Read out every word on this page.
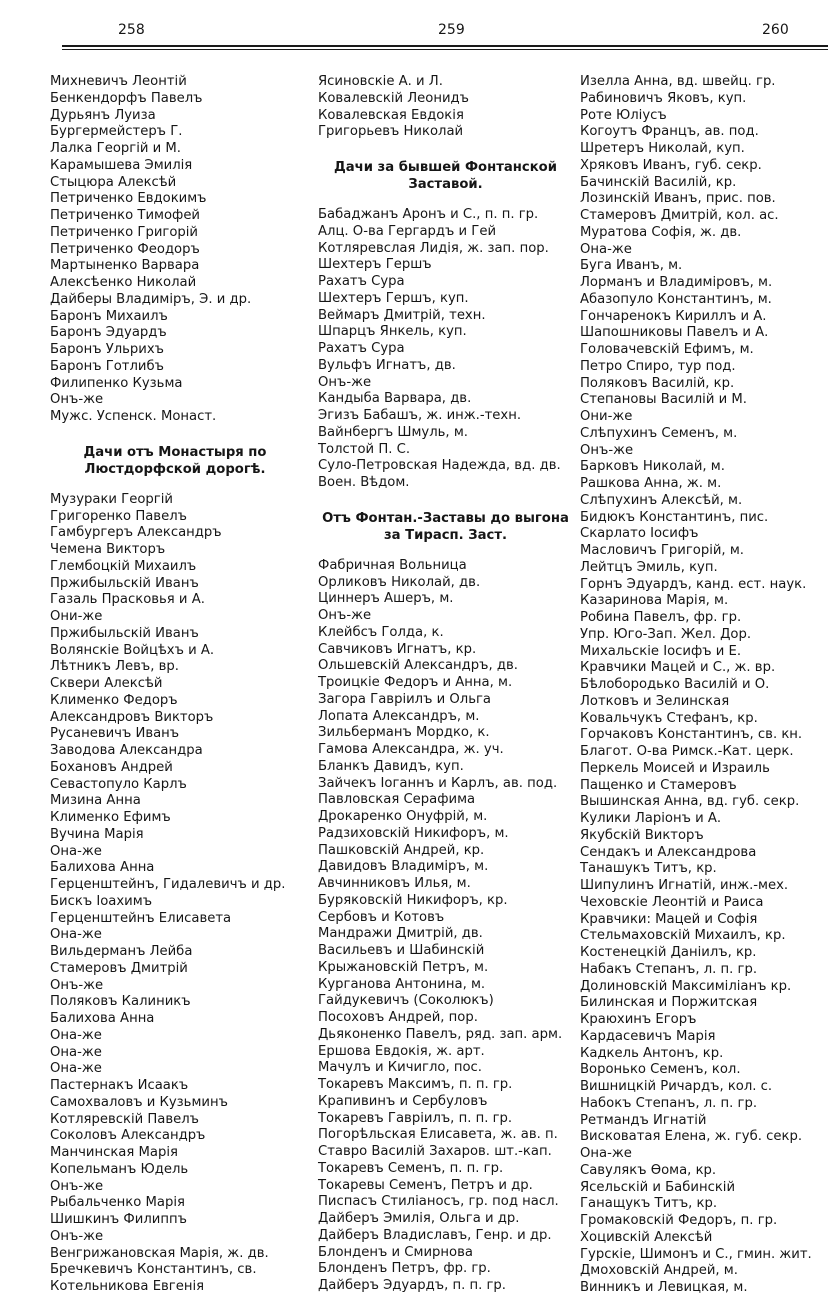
258	259	260
Михневичъ Леонтій
Бенкендорфъ Павелъ
Дурьянъ Луиза
Бургермейстеръ Г.
Лалка Георгій и М.
Карамышева Эмилія
Стыцюра Алексѣй
Петриченко Евдокимъ
Петриченко Тимофей
Петриченко Григорій
Петриченко Феодоръ
Мартыненко Варвара
Алексѣенко Николай
Дайберы Владиміръ, Э. и др.
Баронъ Михаилъ
Баронъ Эдуардъ
Баронъ Ульрихъ
Баронъ Готлибъ
Филипенко Кузьма
Онъ-же
Мужс. Успенск. Монаст.
Дачи отъ Монастыря по Люстдорфской дорогѣ.
Музураки Георгій
Григоренко Павелъ
Гамбургеръ Александръ
Чемена Викторъ
Глембоцкій Михаилъ
Пржибыльскій Иванъ
Газаль Прасковья и А.
Они-же
Пржибыльскій Иванъ
Волянскіе Войцѣхъ и А.
Лѣтникъ Левъ, вр.
Сквери Алексѣй
Клименко Федоръ
Александровъ Викторъ
Русаневичъ Иванъ
Заводова Александра
Бохановъ Андрей
Севастопуло Карлъ
Мизина Анна
Клименко Ефимъ
Вучина Марія
Она-же
Балихова Анна
Герценштейнъ, Гидалевичъ и др.
Бискъ Іоахимъ
Герценштейнъ Елисавета
Она-же
Вильдерманъ Лейба
Стамеровъ Дмитрій
Онъ-же
Поляковъ Калиникъ
Балихова Анна
Она-же
Она-же
Она-же
Пастернакъ Исаакъ
Самохваловъ и Кузьминъ
Котляревскій Павелъ
Соколовъ Александръ
Манчинская Марія
Копельманъ Юдель
Онъ-же
Рыбальченко Марія
Шишкинъ Филиппъ
Онъ-же
Венгрижановская Марія, ж. дв.
Бречкевичъ Константинъ, св.
Котельникова Евгенія
Ясиновскіе А. и Л.
Ковалевскій Леонидъ
Ковалевская Евдокія
Григорьевъ Николай
Дачи за бывшей Фонтанской Заставой.
Бабаджанъ Аронъ и С., п. п. гр.
Алц. О-ва Гергардъ и Гей
Котляревслая Лидія, ж. зап. пор.
Шехтеръ Гершъ
Рахатъ Сура
Шехтеръ Гершъ, куп.
Веймаръ Дмитрій, техн.
Шпарцъ Янкель, куп.
Рахатъ Сура
Вульфъ Игнатъ, дв.
Онъ-же
Кандыба Варвара, дв.
Эгизъ Бабашъ, ж. инж.-техн.
Вайнбергъ Шмуль, м.
Толстой П. С.
Суло-Петровская Надежда, вд. дв.
Воен. Вѣдом.
Отъ Фонтан.-Заставы до выгона за Тирасп. Заст.
Фабричная Вольница
Орликовъ Николай, дв.
Циннеръ Ашеръ, м.
Онъ-же
Клейбсъ Голда, к.
Савчиковъ Игнатъ, кр.
Ольшевскій Александръ, дв.
Троицкіе Федоръ и Анна, м.
Загора Гавріилъ и Ольга
Лопата Александръ, м.
Зильберманъ Мордко, к.
Гамова Александра, ж. уч.
Бланкъ Давидъ, куп.
Зайчекъ Іоганнъ и Карлъ, ав. под.
Павловская Серафима
Дрокаренко Онуфрій, м.
Радзиховскій Никифоръ, м.
Пашковскій Андрей, кр.
Давидовъ Владиміръ, м.
Авчинниковъ Илья, м.
Буряковскій Никифоръ, кр.
Сербовъ и Котовъ
Мандражи Дмитрій, дв.
Васильевъ и Шабинскій
Крыжановскій Петръ, м.
Курганова Антонина, м.
Гайдукевичъ (Соколюкъ)
Посоховъ Андрей, пор.
Дьяконенко Павелъ, ряд. зап. арм.
Ершова Евдокія, ж. арт.
Мачулъ и Кичигло, пос.
Токаревъ Максимъ, п. п. гр.
Крапивинъ и Сербуловъ
Токаревъ Гавріилъ, п. п. гр.
Погорѣльская Елисавета, ж. ав. п.
Ставро Василій Захаров. шт.-кап.
Токаревъ Семенъ, п. п. гр.
Токаревы Семенъ, Петръ и др.
Писпасъ Стиліаносъ, гр. под насл.
Дайберъ Эмилія, Ольга и др.
Дайберъ Владиславъ, Генр. и др.
Блонденъ и Смирнова
Блонденъ Петръ, фр. гр.
Дайберъ Эдуардъ, п. п. гр.
Изелла Анна, вд. швейц. гр.
Рабиновичъ Яковъ, куп.
Роте Юліусъ
Когоутъ Францъ, ав. под.
Шретеръ Николай, куп.
Хряковъ Иванъ, губ. секр.
Бачинскій Василій, кр.
Лозинскій Иванъ, прис. пов.
Стамеровъ Дмитрій, кол. ас.
Муратова Софія, ж. дв.
Она-же
Буга Иванъ, м.
Лорманъ и Владиміровъ, м.
Абазопуло Константинъ, м.
Гончаренокъ Кириллъ и А.
Шапошниковы Павелъ и А.
Головачевскій Ефимъ, м.
Петро Спиро, тур под.
Поляковъ Василій, кр.
Степановы Василій и М.
Они-же
Слѣпухинъ Семенъ, м.
Онъ-же
Барковъ Николай, м.
Рашкова Анна, ж. м.
Слѣпухинъ Алексѣй, м.
Бидюкъ Константинъ, пис.
Скарлато Іосифъ
Масловичъ Григорій, м.
Лейтцъ Эмиль, куп.
Горнъ Эдуардъ, канд. ест. наук.
Казаринова Марія, м.
Робина Павелъ, фр. гр.
Упр. Юго-Зап. Жел. Дор.
Михальскіе Іосифъ и Е.
Кравчики Мацей и С., ж. вр.
Бѣлобородько Василій и О.
Лотковъ и Зелинская
Ковальчукъ Стефанъ, кр.
Горчаковъ Константинъ, св. кн.
Благот. О-ва Римск.-Кат. церк.
Перкель Моисей и Израиль
Пащенко и Стамеровъ
Вышинская Анна, вд. губ. секр.
Кулики Ларіонъ и А.
Якубскій Викторъ
Сендакъ и Александрова
Танашукъ Титъ, кр.
Шипулинъ Игнатій, инж.-мех.
Чеховскіе Леонтій и Раиса
Кравчики: Мацей и Софія
Стельмаховскій Михаилъ, кр.
Костенецкій Даніилъ, кр.
Набакъ Степанъ, л. п. гр.
Долиновскій Максиміліанъ кр.
Билинская и Поржитская
Краюхинъ Егоръ
Кардасевичъ Марія
Кадкель Антонъ, кр.
Воронько Семенъ, кол.
Вишницкій Ричардъ, кол. с.
Набокъ Степанъ, л. п. гр.
Ретмандъ Игнатій
Висковатая Елена, ж. губ. секр.
Она-же
Савулякъ Ѳома, кр.
Ясельскій и Бабинскій
Ганащукъ Титъ, кр.
Громаковскій Федоръ, п. гр.
Хоцивскій Алексѣй
Гурскіе, Шимонъ и С., гмин. жит.
Дмоховскій Андрей, м.
Винникъ и Левицкая, м.
